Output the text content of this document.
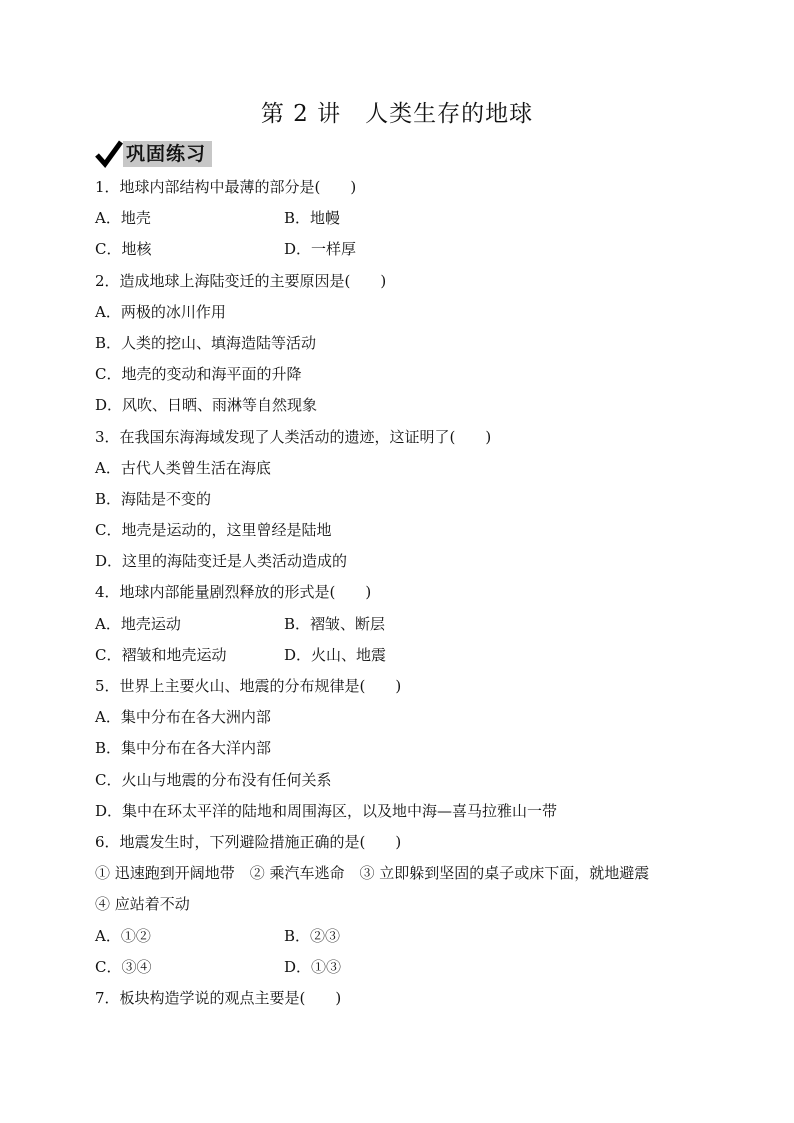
第 2 讲　人类生存的地球
巩固练习
1．地球内部结构中最薄的部分是(　　)
A．地壳	B．地幔
C．地核	D．一样厚
2．造成地球上海陆变迁的主要原因是(　　)
A．两极的冰川作用
B．人类的挖山、填海造陆等活动
C．地壳的变动和海平面的升降
D．风吹、日晒、雨淋等自然现象
3．在我国东海海域发现了人类活动的遗迹，这证明了(　　)
A．古代人类曾生活在海底
B．海陆是不变的
C．地壳是运动的，这里曾经是陆地
D．这里的海陆变迁是人类活动造成的
4．地球内部能量剧烈释放的形式是(　　)
A．地壳运动	B．褶皱、断层
C．褶皱和地壳运动	D．火山、地震
5．世界上主要火山、地震的分布规律是(　　)
A．集中分布在各大洲内部
B．集中分布在各大洋内部
C．火山与地震的分布没有任何关系
D．集中在环太平洋的陆地和周围海区，以及地中海—喜马拉雅山一带
6．地震发生时，下列避险措施正确的是(　　)
① 迅速跑到开阔地带　② 乘汽车逃命　③ 立即躲到坚固的桌子或床下面，就地避震
④ 应站着不动
A．①②	B．②③
C．③④	D．①③
7．板块构造学说的观点主要是(　　)
